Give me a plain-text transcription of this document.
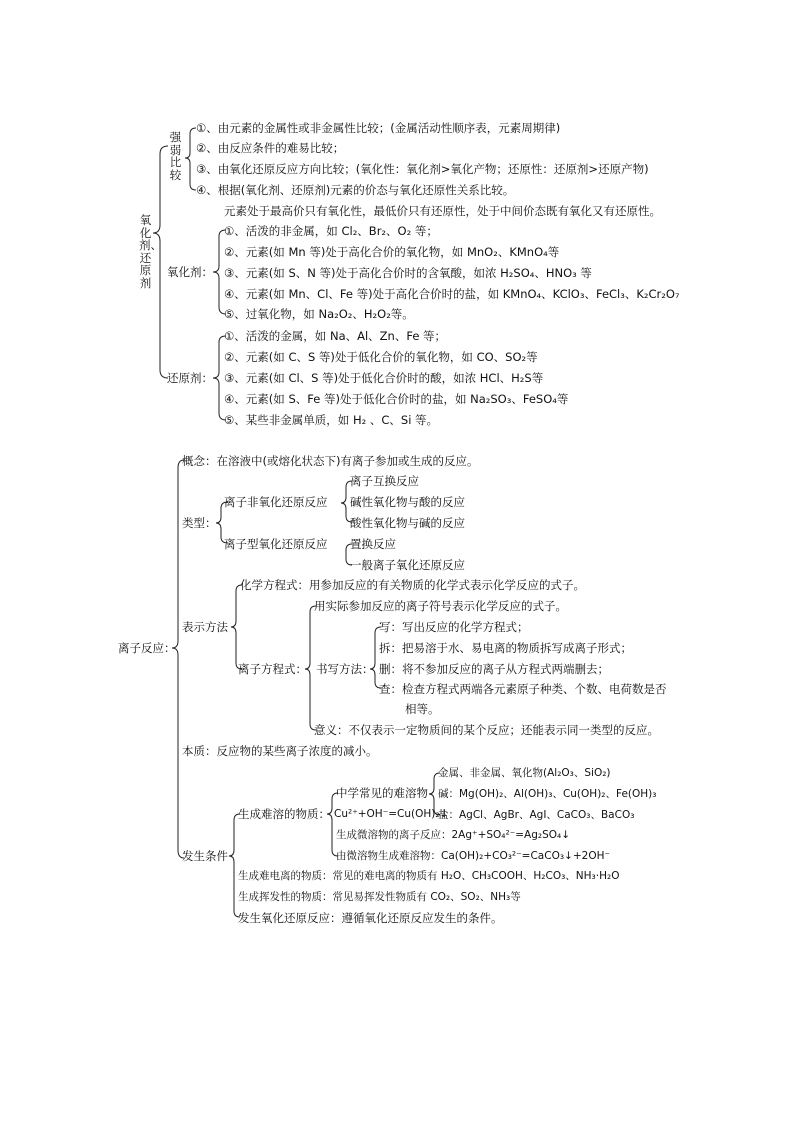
氧化剂、还原剂
强弱比较
①、由元素的金属性或非金属性比较；(金属活动性顺序表，元素周期律)
②、由反应条件的难易比较；
③、由氧化还原反应方向比较；(氧化性：氧化剂>氧化产物；还原性：还原剂>还原产物)
④、根据(氧化剂、还原剂)元素的价态与氧化还原性关系比较。
元素处于最高价只有氧化性，最低价只有还原性，处于中间价态既有氧化又有还原性。
氧化剂：
①、活泼的非金属，如 Cl₂、Br₂、O₂ 等；
②、元素(如 Mn 等)处于高化合价的氧化物，如 MnO₂、KMnO₄等
③、元素(如 S、N 等)处于高化合价时的含氧酸，如浓 H₂SO₄、HNO₃ 等
④、元素(如 Mn、Cl、Fe 等)处于高化合价时的盐，如 KMnO₄、KClO₃、FeCl₃、K₂Cr₂O₇
⑤、过氧化物，如 Na₂O₂、H₂O₂等。
还原剂：
①、活泼的金属，如 Na、Al、Zn、Fe 等；
②、元素(如 C、S 等)处于低化合价的氧化物，如 CO、SO₂等
③、元素(如 Cl、S 等)处于低化合价时的酸，如浓 HCl、H₂S等
④、元素(如 S、Fe 等)处于低化合价时的盐，如 Na₂SO₃、FeSO₄等
⑤、某些非金属单质，如 H₂ 、C、Si 等。
离子反应：
概念：在溶液中(或熔化状态下)有离子参加或生成的反应。
类型：
离子非氧化还原反应
离子互换反应
碱性氧化物与酸的反应
酸性氧化物与碱的反应
离子型氧化还原反应 置换反应
一般离子氧化还原反应
表示方法
化学方程式：用参加反应的有关物质的化学式表示化学反应的式子。
离子方程式：
用实际参加反应的离子符号表示化学反应的式子。
书写方法：
写：写出反应的化学方程式；
拆：把易溶于水、易电离的物质拆写成离子形式；
删：将不参加反应的离子从方程式两端删去；
查：检查方程式两端各元素原子种类、个数、电荷数是否
相等。
意义：不仅表示一定物质间的某个反应；还能表示同一类型的反应。
本质：反应物的某些离子浓度的减小。
发生条件
生成难溶的物质：
中学常见的难溶物
金属、非金属、氧化物(Al₂O₃、SiO₂)
碱：Mg(OH)₂、Al(OH)₃、Cu(OH)₂、Fe(OH)₃
盐：AgCl、AgBr、AgI、CaCO₃、BaCO₃
Cu²⁺+OH⁻=Cu(OH)₂↓
生成微溶物的离子反应：2Ag⁺+SO₄²⁻=Ag₂SO₄↓
由微溶物生成难溶物：Ca(OH)₂+CO₃²⁻=CaCO₃↓+2OH⁻
生成难电离的物质：常见的难电离的物质有 H₂O、CH₃COOH、H₂CO₃、NH₃·H₂O
生成挥发性的物质：常见易挥发性物质有 CO₂、SO₂、NH₃等
发生氧化还原反应：遵循氧化还原反应发生的条件。
